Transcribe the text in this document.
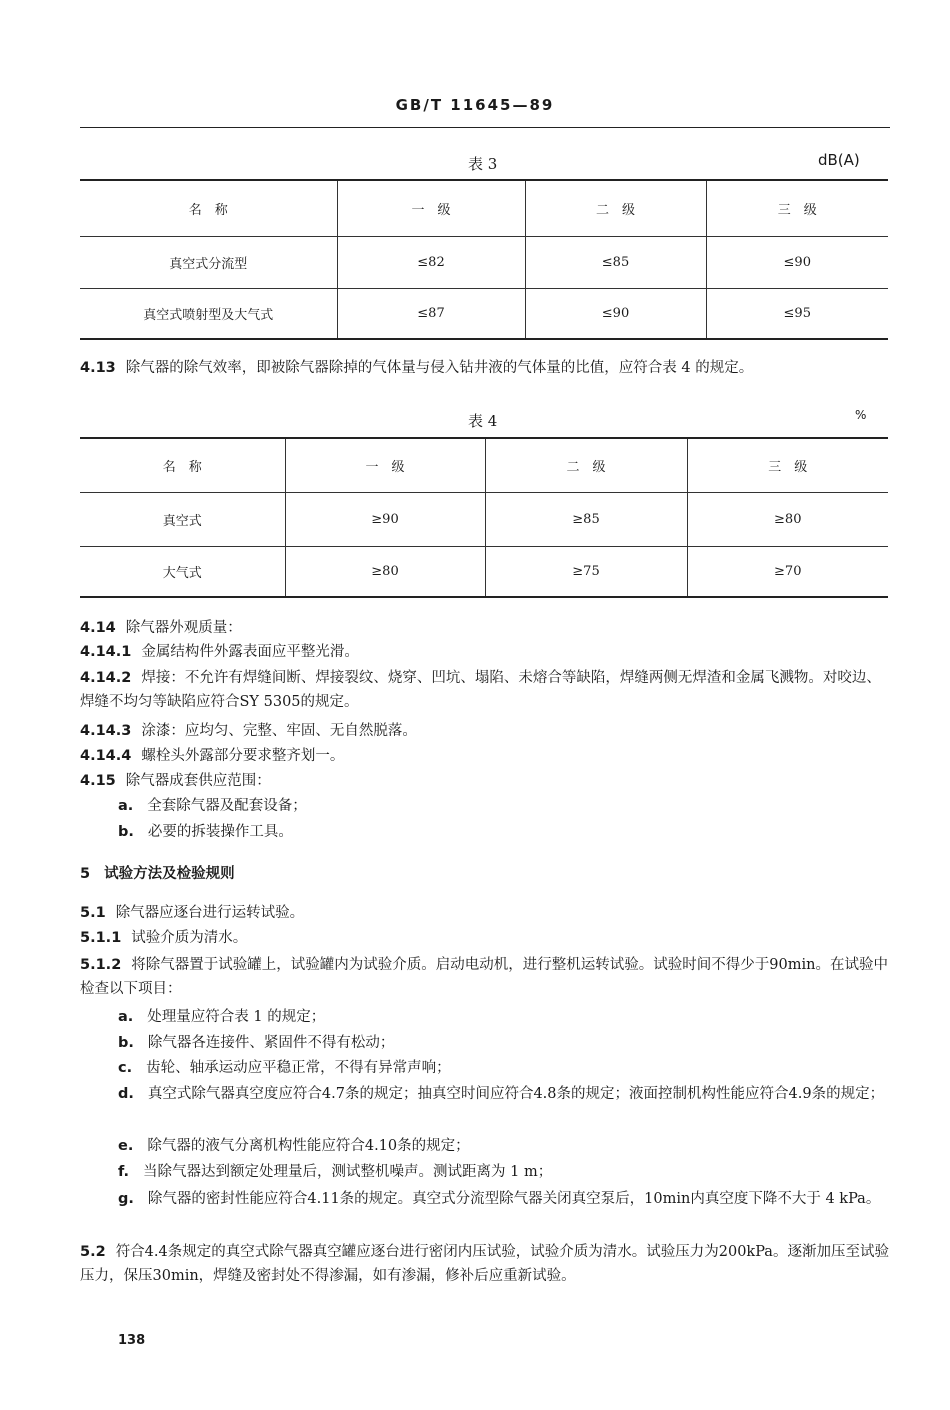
GB/T 11645—89
表 3	dB(A)
名　称	一　级	二　级	三　级
真空式分流型	≤82	≤85	≤90
真空式喷射型及大气式	≤87	≤90	≤95
4.13 除气器的除气效率，即被除气器除掉的气体量与侵入钻井液的气体量的比值，应符合表 4 的规定。
表 4	%
名　称	一　级	二　级	三　级
真空式	≥90	≥85	≥80
大气式	≥80	≥75	≥70
4.14 除气器外观质量：
4.14.1 金属结构件外露表面应平整光滑。
4.14.2 焊接：不允许有焊缝间断、焊接裂纹、烧穿、凹坑、塌陷、未熔合等缺陷，焊缝两侧无焊渣和金属飞溅物。对咬边、焊缝不均匀等缺陷应符合SY 5305的规定。
4.14.3 涂漆：应均匀、完整、牢固、无自然脱落。
4.14.4 螺栓头外露部分要求整齐划一。
4.15 除气器成套供应范围：
a. 全套除气器及配套设备；
b. 必要的拆装操作工具。
5 试验方法及检验规则
5.1 除气器应逐台进行运转试验。
5.1.1 试验介质为清水。
5.1.2 将除气器置于试验罐上，试验罐内为试验介质。启动电动机，进行整机运转试验。试验时间不得少于90min。在试验中检查以下项目：
a. 处理量应符合表 1 的规定；
b. 除气器各连接件、紧固件不得有松动；
c. 齿轮、轴承运动应平稳正常，不得有异常声响；
d. 真空式除气器真空度应符合4.7条的规定；抽真空时间应符合4.8条的规定；液面控制机构性能应符合4.9条的规定；
e. 除气器的液气分离机构性能应符合4.10条的规定；
f. 当除气器达到额定处理量后，测试整机噪声。测试距离为 1 m；
g. 除气器的密封性能应符合4.11条的规定。真空式分流型除气器关闭真空泵后，10min内真空度下降不大于 4 kPa。
5.2 符合4.4条规定的真空式除气器真空罐应逐台进行密闭内压试验，试验介质为清水。试验压力为200kPa。逐渐加压至试验压力，保压30min，焊缝及密封处不得渗漏，如有渗漏，修补后应重新试验。
138
